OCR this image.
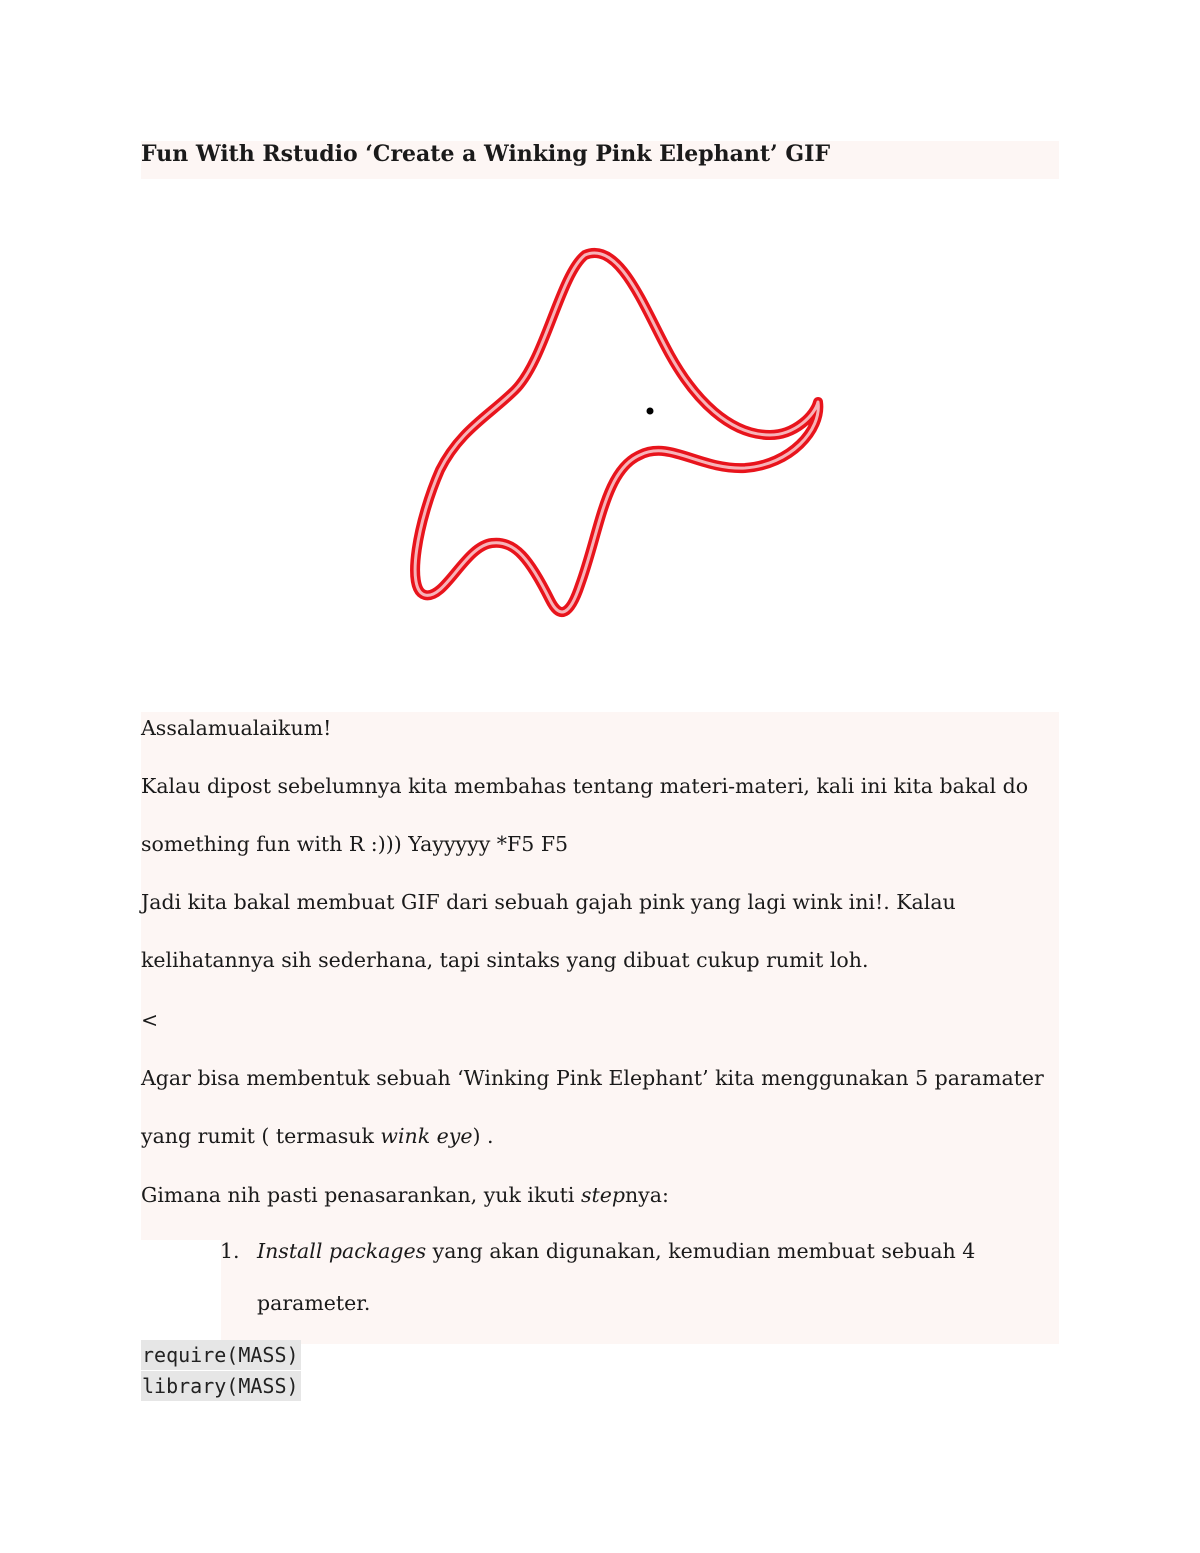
Fun With Rstudio ‘Create a Winking Pink Elephant’ GIF

Assalamualaikum!

Kalau dipost sebelumnya kita membahas tentang materi-materi, kali ini kita bakal do

something fun with R :))) Yayyyyy *F5 F5

Jadi kita bakal membuat GIF dari sebuah gajah pink yang lagi wink ini!. Kalau

kelihatannya sih sederhana, tapi sintaks yang dibuat cukup rumit loh.

<

Agar bisa membentuk sebuah ‘Winking Pink Elephant’ kita menggunakan 5 paramater

yang rumit ( termasuk wink eye) .

Gimana nih pasti penasarankan, yuk ikuti stepnya:

1. Install packages yang akan digunakan, kemudian membuat sebuah 4
parameter.
require(MASS)
library(MASS)
